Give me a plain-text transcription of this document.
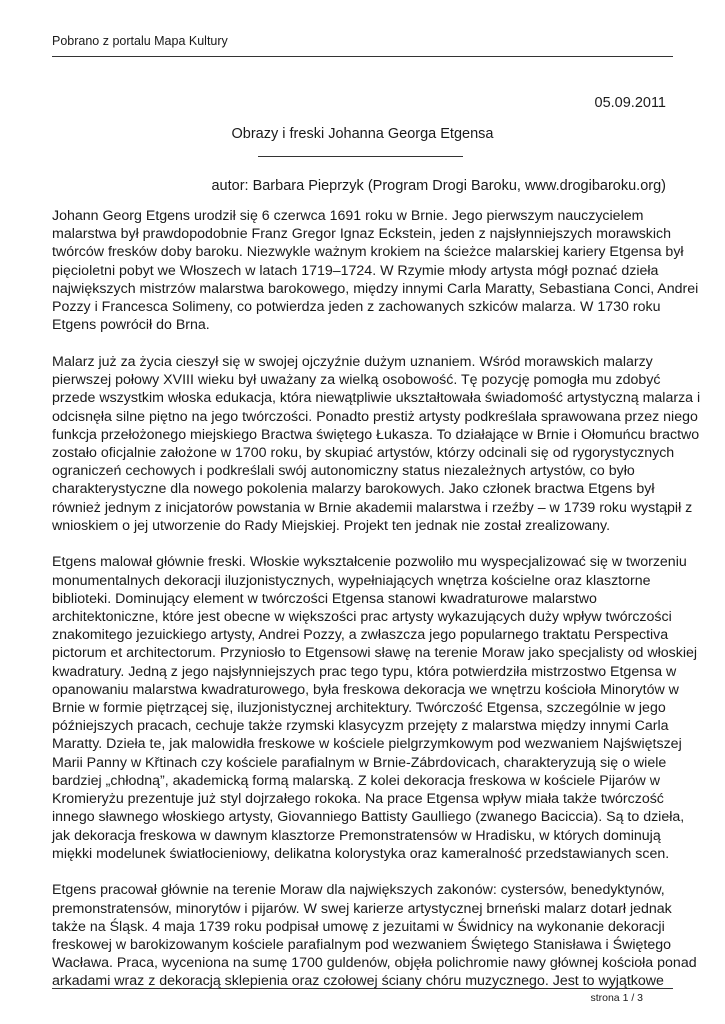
Pobrano z portalu Mapa Kultury
05.09.2011
Obrazy i freski Johanna Georga Etgensa
autor: Barbara Pieprzyk (Program Drogi Baroku, www.drogibaroku.org)

Johann Georg Etgens urodził się 6 czerwca 1691 roku w Brnie. Jego pierwszym nauczycielem
malarstwa był prawdopodobnie Franz Gregor Ignaz Eckstein, jeden z najsłynniejszych morawskich
twórców fresków doby baroku. Niezwykle ważnym krokiem na ścieżce malarskiej kariery Etgensa był
pięcioletni pobyt we Włoszech w latach 1719–1724. W Rzymie młody artysta mógł poznać dzieła
największych mistrzów malarstwa barokowego, między innymi Carla Maratty, Sebastiana Conci, Andrei
Pozzy i Francesca Solimeny, co potwierdza jeden z zachowanych szkiców malarza. W 1730 roku
Etgens powrócił do Brna.

Malarz już za życia cieszył się w swojej ojczyźnie dużym uznaniem. Wśród morawskich malarzy
pierwszej połowy XVIII wieku był uważany za wielką osobowość. Tę pozycję pomogła mu zdobyć
przede wszystkim włoska edukacja, która niewątpliwie ukształtowała świadomość artystyczną malarza i
odcisnęła silne piętno na jego twórczości. Ponadto prestiż artysty podkreślała sprawowana przez niego
funkcja przełożonego miejskiego Bractwa świętego Łukasza. To działające w Brnie i Ołomuńcu bractwo
zostało oficjalnie założone w 1700 roku, by skupiać artystów, którzy odcinali się od rygorystycznych
ograniczeń cechowych i podkreślali swój autonomiczny status niezależnych artystów, co było
charakterystyczne dla nowego pokolenia malarzy barokowych. Jako członek bractwa Etgens był
również jednym z inicjatorów powstania w Brnie akademii malarstwa i rzeźby – w 1739 roku wystąpił z
wnioskiem o jej utworzenie do Rady Miejskiej. Projekt ten jednak nie został zrealizowany.

Etgens malował głównie freski. Włoskie wykształcenie pozwoliło mu wyspecjalizować się w tworzeniu
monumentalnych dekoracji iluzjonistycznych, wypełniających wnętrza kościelne oraz klasztorne
biblioteki. Dominujący element w twórczości Etgensa stanowi kwadraturowe malarstwo
architektoniczne, które jest obecne w większości prac artysty wykazujących duży wpływ twórczości
znakomitego jezuickiego artysty, Andrei Pozzy, a zwłaszcza jego popularnego traktatu Perspectiva
pictorum et architectorum. Przyniosło to Etgensowi sławę na terenie Moraw jako specjalisty od włoskiej
kwadratury. Jedną z jego najsłynniejszych prac tego typu, która potwierdziła mistrzostwo Etgensa w
opanowaniu malarstwa kwadraturowego, była freskowa dekoracja we wnętrzu kościoła Minorytów w
Brnie w formie piętrzącej się, iluzjonistycznej architektury. Twórczość Etgensa, szczególnie w jego
późniejszych pracach, cechuje także rzymski klasycyzm przejęty z malarstwa między innymi Carla
Maratty. Dzieła te, jak malowidła freskowe w kościele pielgrzymkowym pod wezwaniem Najświętszej
Marii Panny w Křtinach czy kościele parafialnym w Brnie-Zábrdovicach, charakteryzują się o wiele
bardziej „chłodną”, akademicką formą malarską. Z kolei dekoracja freskowa w kościele Pijarów w
Kromieryżu prezentuje już styl dojrzałego rokoka. Na prace Etgensa wpływ miała także twórczość
innego sławnego włoskiego artysty, Giovanniego Battisty Gaulliego (zwanego Baciccia). Są to dzieła,
jak dekoracja freskowa w dawnym klasztorze Premonstratensów w Hradisku, w których dominują
miękki modelunek światłocieniowy, delikatna kolorystyka oraz kameralność przedstawianych scen.

Etgens pracował głównie na terenie Moraw dla największych zakonów: cystersów, benedyktynów,
premonstratensów, minorytów i pijarów. W swej karierze artystycznej brneński malarz dotarł jednak
także na Śląsk. 4 maja 1739 roku podpisał umowę z jezuitami w Świdnicy na wykonanie dekoracji
freskowej w barokizowanym kościele parafialnym pod wezwaniem Świętego Stanisława i Świętego
Wacława. Praca, wyceniona na sumę 1700 guldenów, objęła polichromie nawy głównej kościoła ponad
arkadami wraz z dekoracją sklepienia oraz czołowej ściany chóru muzycznego. Jest to wyjątkowe

strona 1 / 3
